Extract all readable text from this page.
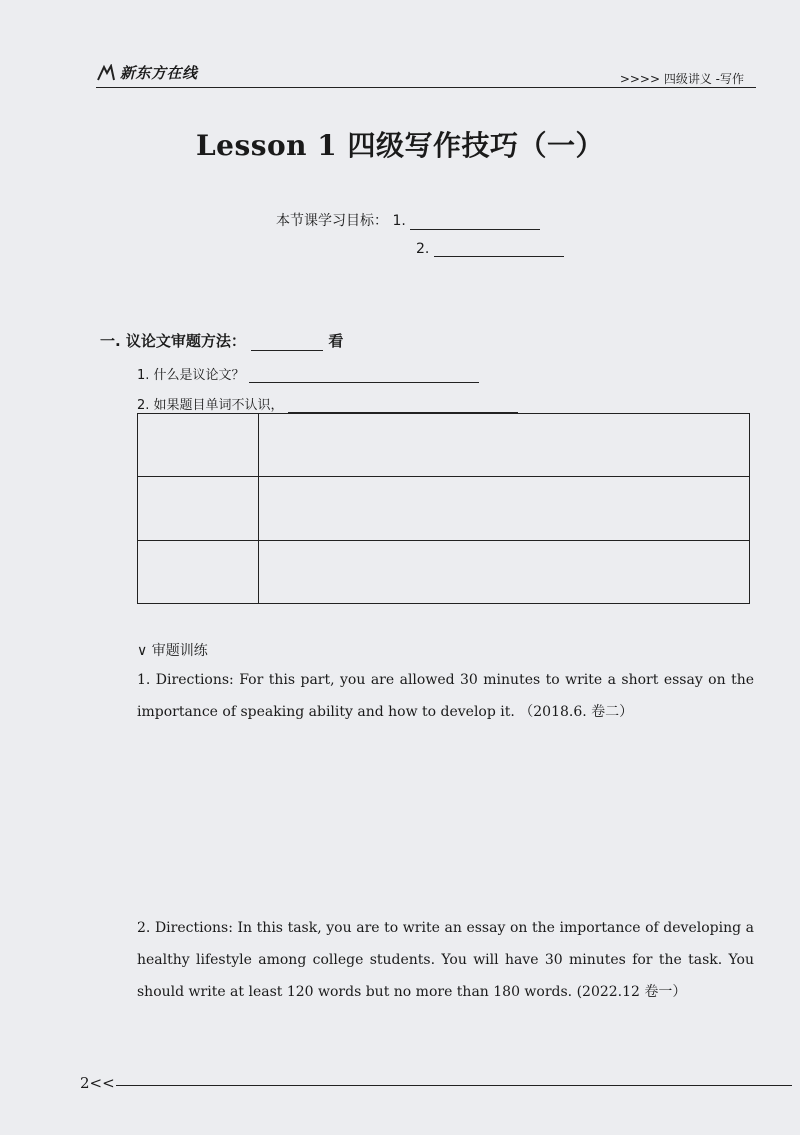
新东方在线	>>>> 四级讲义 -写作
Lesson 1 四级写作技巧（一）
本节课学习目标： 1.
2.
一. 议论文审题方法：	看
1. 什么是议论文？
2. 如果题目单词不认识，

∨ 审题训练
1. Directions: For this part, you are allowed 30 minutes to write a short essay on the importance of speaking ability and how to develop it. （2018.6. 卷二）
2. Directions: In this task, you are to write an essay on the importance of developing a healthy lifestyle among college students. You will have 30 minutes for the task. You should write at least 120 words but no more than 180 words. (2022.12 卷一）
2<<
